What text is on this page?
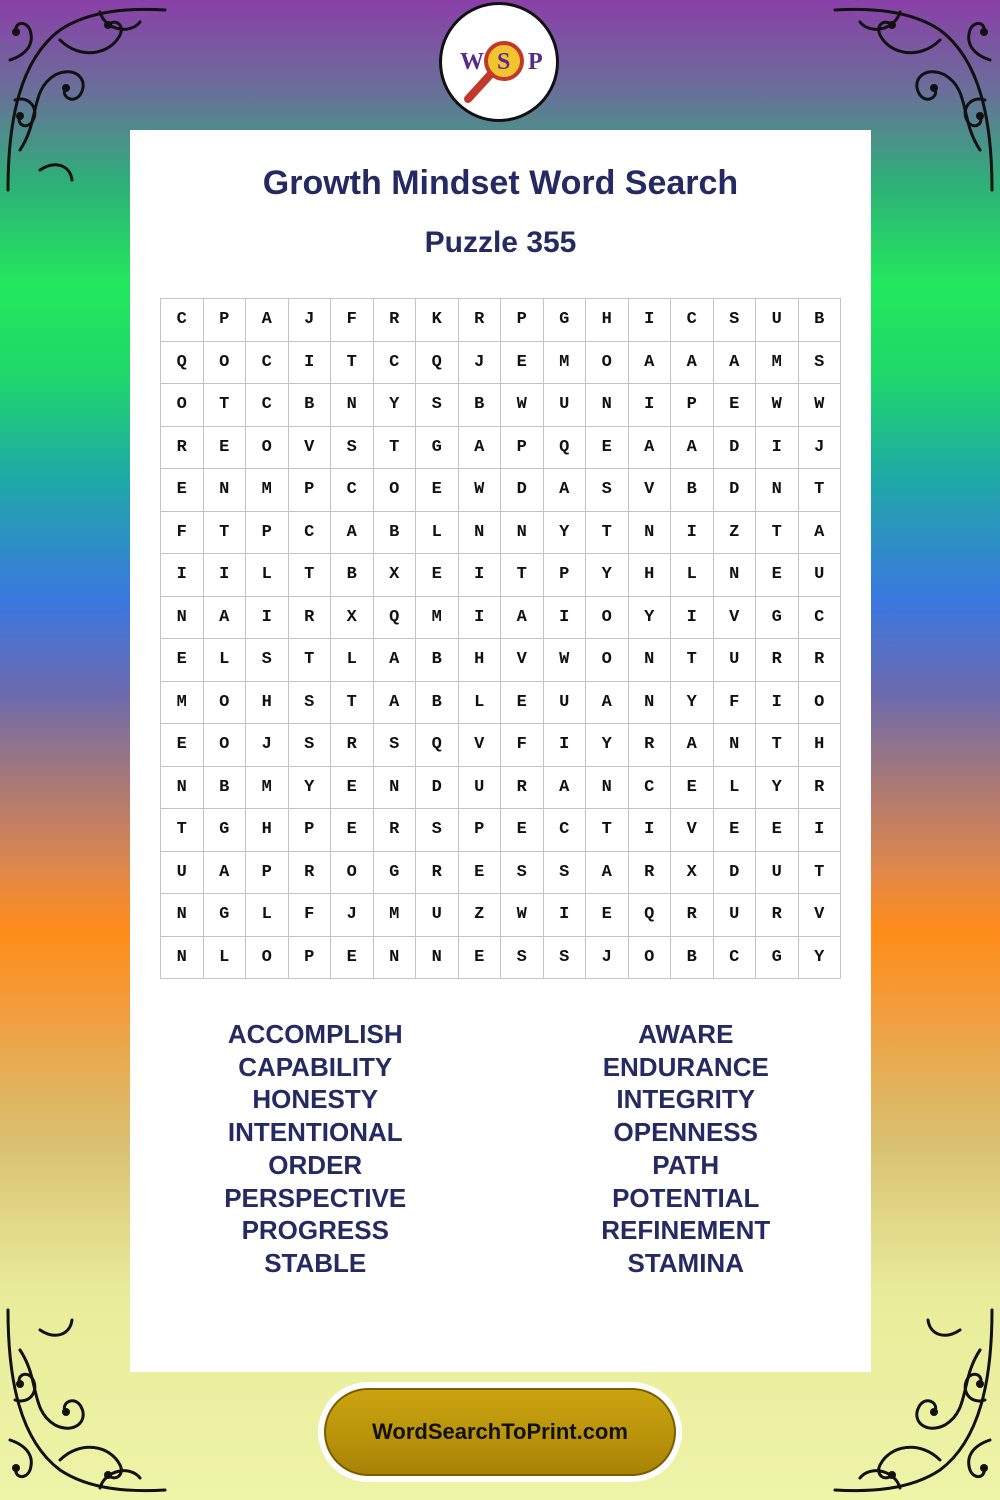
W S P
Growth Mindset Word Search
Puzzle 355
C	P	A	J	F	R	K	R	P	G	H	I	C	S	U	B
Q	O	C	I	T	C	Q	J	E	M	O	A	A	A	M	S
O	T	C	B	N	Y	S	B	W	U	N	I	P	E	W	W
R	E	O	V	S	T	G	A	P	Q	E	A	A	D	I	J
E	N	M	P	C	O	E	W	D	A	S	V	B	D	N	T
F	T	P	C	A	B	L	N	N	Y	T	N	I	Z	T	A
I	I	L	T	B	X	E	I	T	P	Y	H	L	N	E	U
N	A	I	R	X	Q	M	I	A	I	O	Y	I	V	G	C
E	L	S	T	L	A	B	H	V	W	O	N	T	U	R	R
M	O	H	S	T	A	B	L	E	U	A	N	Y	F	I	O
E	O	J	S	R	S	Q	V	F	I	Y	R	A	N	T	H
N	B	M	Y	E	N	D	U	R	A	N	C	E	L	Y	R
T	G	H	P	E	R	S	P	E	C	T	I	V	E	E	I
U	A	P	R	O	G	R	E	S	S	A	R	X	D	U	T
N	G	L	F	J	M	U	Z	W	I	E	Q	R	U	R	V
N	L	O	P	E	N	N	E	S	S	J	O	B	C	G	Y
ACCOMPLISH
CAPABILITY
HONESTY
INTENTIONAL
ORDER
PERSPECTIVE
PROGRESS
STABLE
AWARE
ENDURANCE
INTEGRITY
OPENNESS
PATH
POTENTIAL
REFINEMENT
STAMINA
WordSearchToPrint.com
